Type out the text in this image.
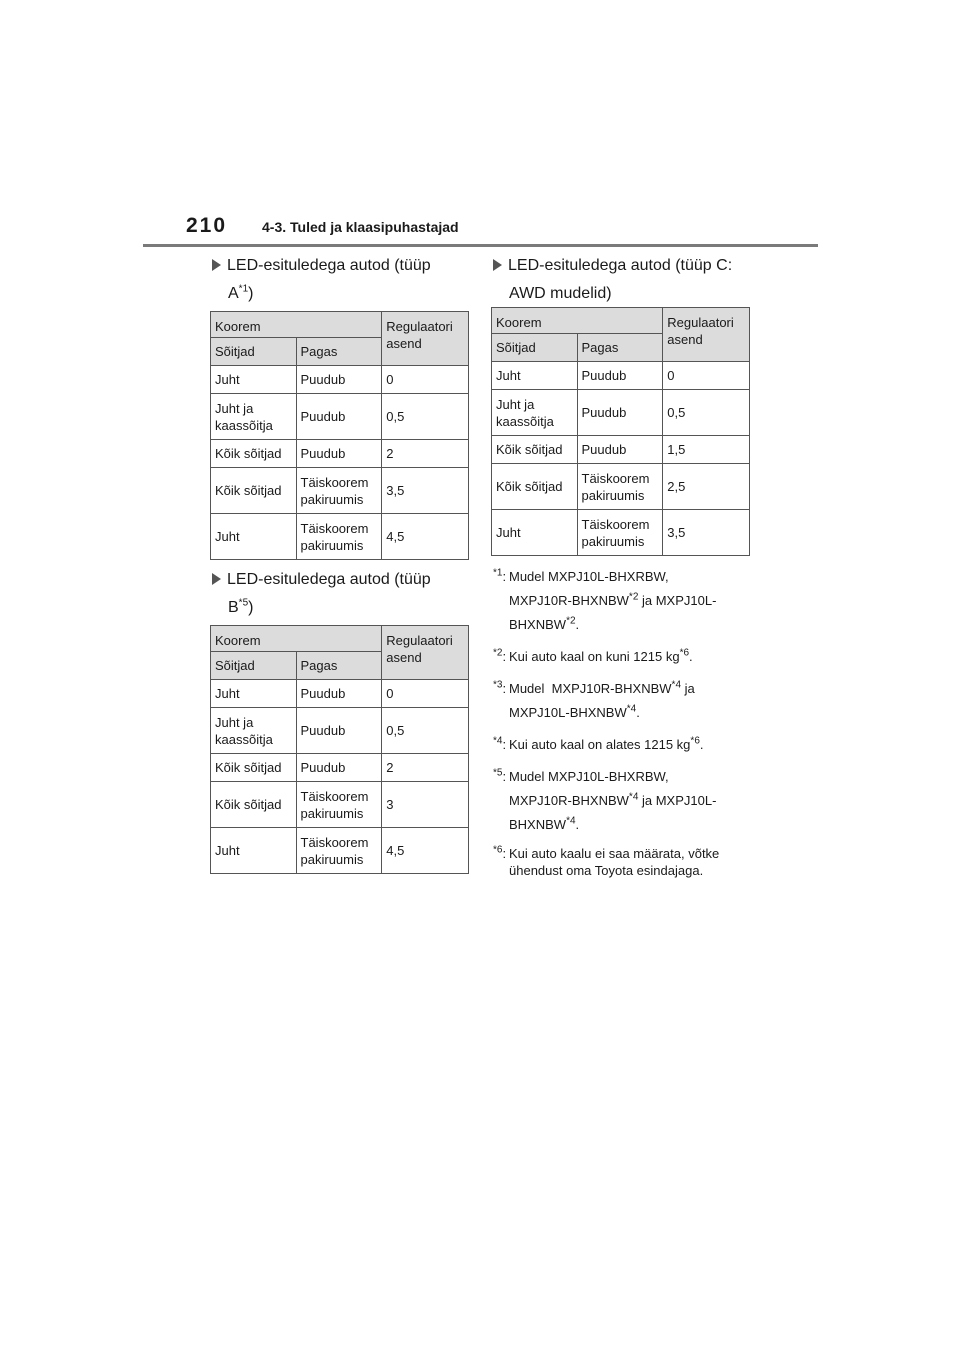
210 4-3. Tuled ja klaasipuhastajad
LED-esituledega autod (tüüp
$A^{*1}$)
Koorem		Regulaatori asend
Sõitjad	Pagas	
Juht	Puudub	0
Juht ja kaassõitja	Puudub	0,5
Kõik sõitjad	Puudub	2
Kõik sõitjad	Täiskoorem pakiruumis	3,5
Juht	Täiskoorem pakiruumis	4,5
LED-esituledega autod (tüüp
$B^{*5}$)
Koorem		Regulaatori asend
Sõitjad	Pagas	
Juht	Puudub	0
Juht ja kaassõitja	Puudub	0,5
Kõik sõitjad	Puudub	2
Kõik sõitjad	Täiskoorem pakiruumis	3
Juht	Täiskoorem pakiruumis	4,5
LED-esituledega autod (tüüp C:
AWD mudelid)
Koorem		Regulaatori asend
Sõitjad	Pagas	
Juht	Puudub	0
Juht ja kaassõitja	Puudub	0,5
Kõik sõitjad	Puudub	1,5
Kõik sõitjad	Täiskoorem pakiruumis	2,5
Juht	Täiskoorem pakiruumis	3,5
$^{*1}$: Mudel MXPJ10L-BHXRBW,
MXPJ10R-BHXNBW$^{*2}$ ja MXPJ10L-
BHXNBW$^{*2}$.
$^{*2}$: Kui auto kaal on kuni 1215 $kg^{*6}$.
$^{*3}$: Mudel  MXPJ10R-BHXNBW$^{*4}$ ja
MXPJ10L-BHXNBW$^{*4}$.
$^{*4}$: Kui auto kaal on alates 1215 $kg^{*6}$.
$^{*5}$: Mudel MXPJ10L-BHXRBW,
MXPJ10R-BHXNBW$^{*4}$ ja MXPJ10L-
BHXNBW$^{*4}$.
$^{*6}$: Kui auto kaalu ei saa määrata, võtke
ühendust oma Toyota esindajaga.
